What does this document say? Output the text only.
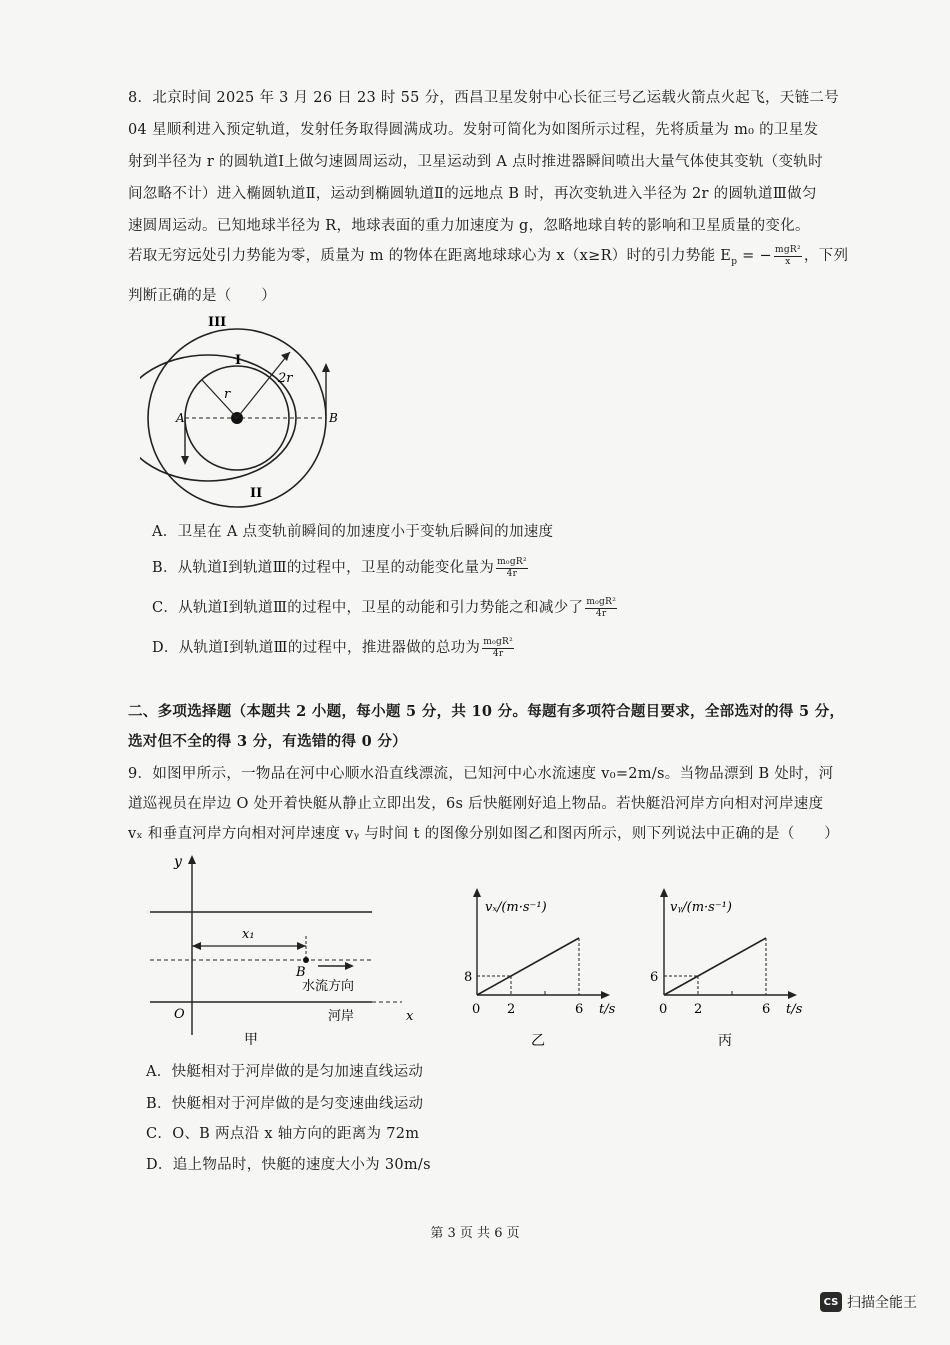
8．北京时间 2025 年 3 月 26 日 23 时 55 分，西昌卫星发射中心长征三号乙运载火箭点火起飞，天链二号
04 星顺利进入预定轨道，发射任务取得圆满成功。发射可简化为如图所示过程，先将质量为 m₀ 的卫星发
射到半径为 r 的圆轨道Ⅰ上做匀速圆周运动，卫星运动到 A 点时推进器瞬间喷出大量气体使其变轨（变轨时
间忽略不计）进入椭圆轨道Ⅱ，运动到椭圆轨道Ⅱ的远地点 B 时，再次变轨进入半径为 2r 的圆轨道Ⅲ做匀
速圆周运动。已知地球半径为 R，地球表面的重力加速度为 g，忽略地球自转的影响和卫星质量的变化。
若取无穷远处引力势能为零，质量为 m 的物体在距离地球球心为 x（x≥R）时的引力势能 $E_p$ = − $\frac{\text{mgR²}}{x}$ ，下列
判断正确的是（　　）
III
I
II
r
2r
A	B
A．卫星在 A 点变轨前瞬间的加速度小于变轨后瞬间的加速度
B．从轨道Ⅰ到轨道Ⅲ的过程中，卫星的动能变化量为 $\frac{\text{m₀gR²}}{4r}$
C．从轨道Ⅰ到轨道Ⅲ的过程中，卫星的动能和引力势能之和减少了 $\frac{\text{m₀gR²}}{4r}$
D．从轨道Ⅰ到轨道Ⅲ的过程中，推进器做的总功为 $\frac{\text{m₀gR²}}{4r}$
二、多项选择题（本题共 2 小题，每小题 5 分，共 10 分。每题有多项符合题目要求，全部选对的得 5 分，
选对但不全的得 3 分，有选错的得 0 分）
9．如图甲所示，一物品在河中心顺水沿直线漂流，已知河中心水流速度 v₀=2m/s。当物品漂到 B 处时，河
道巡视员在岸边 O 处开着快艇从静止立即出发，6s 后快艇刚好追上物品。若快艇沿河岸方向相对河岸速度
vₓ 和垂直河岸方向相对河岸速度 vᵧ 与时间 t 的图像分别如图乙和图丙所示，则下列说法中正确的是（　　）
y
x₁
B
水流方向
O	河岸	x
甲
vₓ/(m·s⁻¹)
8
0 2	6 t/s
乙
vᵧ/(m·s⁻¹)
6
0 2	6 t/s
丙
A．快艇相对于河岸做的是匀加速直线运动
B．快艇相对于河岸做的是匀变速曲线运动
C．O、B 两点沿 x 轴方向的距离为 72m
D．追上物品时，快艇的速度大小为 30m/s
第 3 页 共 6 页
CS 扫描全能王
